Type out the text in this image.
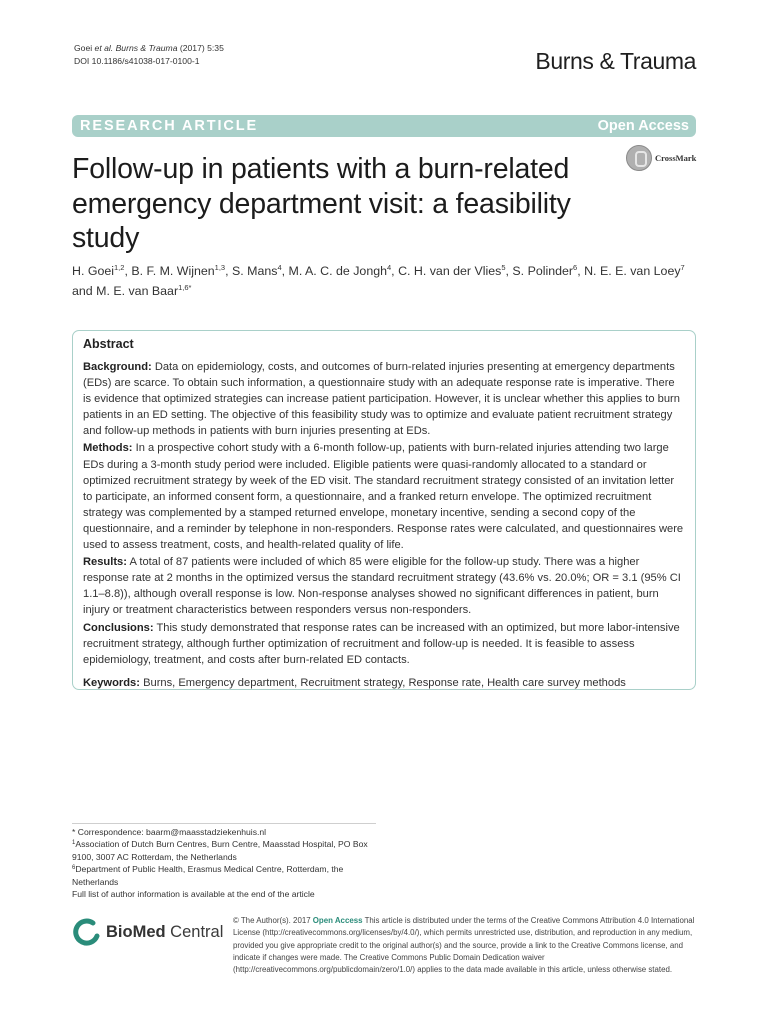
Goei et al. Burns & Trauma (2017) 5:35
DOI 10.1186/s41038-017-0100-1	Burns & Trauma
RESEARCH ARTICLE	Open Access
Follow-up in patients with a burn-related emergency department visit: a feasibility study
CrossMark
H. Goei$^{1,2}$, B. F. M. Wijnen$^{1,3}$, S. Mans$^4$, M. A. C. de Jongh$^4$, C. H. van der Vlies$^5$, S. Polinder$^6$, N. E. E. van Loey$^7$ and M. E. van Baar$^{1,6*}$
Abstract

Background: Data on epidemiology, costs, and outcomes of burn-related injuries presenting at emergency departments (EDs) are scarce. To obtain such information, a questionnaire study with an adequate response rate is imperative. There is evidence that optimized strategies can increase patient participation. However, it is unclear whether this applies to burn patients in an ED setting. The objective of this feasibility study was to optimize and evaluate patient recruitment strategy and follow-up methods in patients with burn injuries presenting at EDs.

Methods: In a prospective cohort study with a 6-month follow-up, patients with burn-related injuries attending two large EDs during a 3-month study period were included. Eligible patients were quasi-randomly allocated to a standard or optimized recruitment strategy by week of the ED visit. The standard recruitment strategy consisted of an invitation letter to participate, an informed consent form, a questionnaire, and a franked return envelope. The optimized recruitment strategy was complemented by a stamped returned envelope, monetary incentive, sending a second copy of the questionnaire, and a reminder by telephone in non-responders. Response rates were calculated, and questionnaires were used to assess treatment, costs, and health-related quality of life.

Results: A total of 87 patients were included of which 85 were eligible for the follow-up study. There was a higher response rate at 2 months in the optimized versus the standard recruitment strategy (43.6% vs. 20.0%; OR = 3.1 (95% CI 1.1–8.8)), although overall response is low. Non-response analyses showed no significant differences in patient, burn injury or treatment characteristics between responders versus non-responders.

Conclusions: This study demonstrated that response rates can be increased with an optimized, but more labor-intensive recruitment strategy, although further optimization of recruitment and follow-up is needed. It is feasible to assess epidemiology, treatment, and costs after burn-related ED contacts.

Keywords: Burns, Emergency department, Recruitment strategy, Response rate, Health care survey methods

* Correspondence: baarm@maasstadziekenhuis.nl
$^1$Association of Dutch Burn Centres, Burn Centre, Maasstad Hospital, PO Box 9100, 3007 AC Rotterdam, the Netherlands
$^6$Department of Public Health, Erasmus Medical Centre, Rotterdam, the Netherlands
Full list of author information is available at the end of the article
BioMed Central
© The Author(s). 2017 Open Access This article is distributed under the terms of the Creative Commons Attribution 4.0 International License (http://creativecommons.org/licenses/by/4.0/), which permits unrestricted use, distribution, and reproduction in any medium, provided you give appropriate credit to the original author(s) and the source, provide a link to the Creative Commons license, and indicate if changes were made. The Creative Commons Public Domain Dedication waiver (http://creativecommons.org/publicdomain/zero/1.0/) applies to the data made available in this article, unless otherwise stated.
